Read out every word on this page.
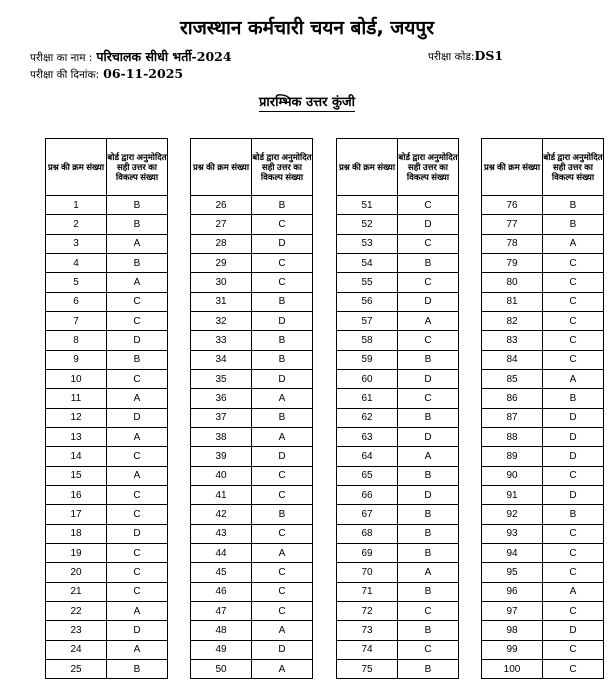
राजस्थान कर्मचारी चयन बोर्ड, जयपुर
परीक्षा का नाम : परिचालक सीधी भर्ती-2024	परीक्षा कोड:DS1
परीक्षा की दिनांक: 06-11-2025
प्रारम्भिक उत्तर कुंजी
प्रश्न की क्रम संख्या	बोर्ड द्वारा अनुमोदित सही उत्तर का विकल्प संख्या
1	B
2	B
3	A
4	B
5	A
6	C
7	C
8	D
9	B
10	C
11	A
12	D
13	A
14	C
15	A
16	C
17	C
18	D
19	C
20	C
21	C
22	A
23	D
24	A
25	B
प्रश्न की क्रम संख्या	बोर्ड द्वारा अनुमोदित सही उत्तर का विकल्प संख्या
26	B
27	C
28	D
29	C
30	C
31	B
32	D
33	B
34	B
35	D
36	A
37	B
38	A
39	D
40	C
41	C
42	B
43	C
44	A
45	C
46	C
47	C
48	A
49	D
50	A
प्रश्न की क्रम संख्या	बोर्ड द्वारा अनुमोदित सही उत्तर का विकल्प संख्या
51	C
52	D
53	C
54	B
55	C
56	D
57	A
58	C
59	B
60	D
61	C
62	B
63	D
64	A
65	B
66	D
67	B
68	B
69	B
70	A
71	B
72	C
73	B
74	C
75	B
प्रश्न की क्रम संख्या	बोर्ड द्वारा अनुमोदित सही उत्तर का विकल्प संख्या
76	B
77	B
78	A
79	C
80	C
81	C
82	C
83	C
84	C
85	A
86	B
87	D
88	D
89	D
90	C
91	D
92	B
93	C
94	C
95	C
96	A
97	C
98	D
99	C
100	C
